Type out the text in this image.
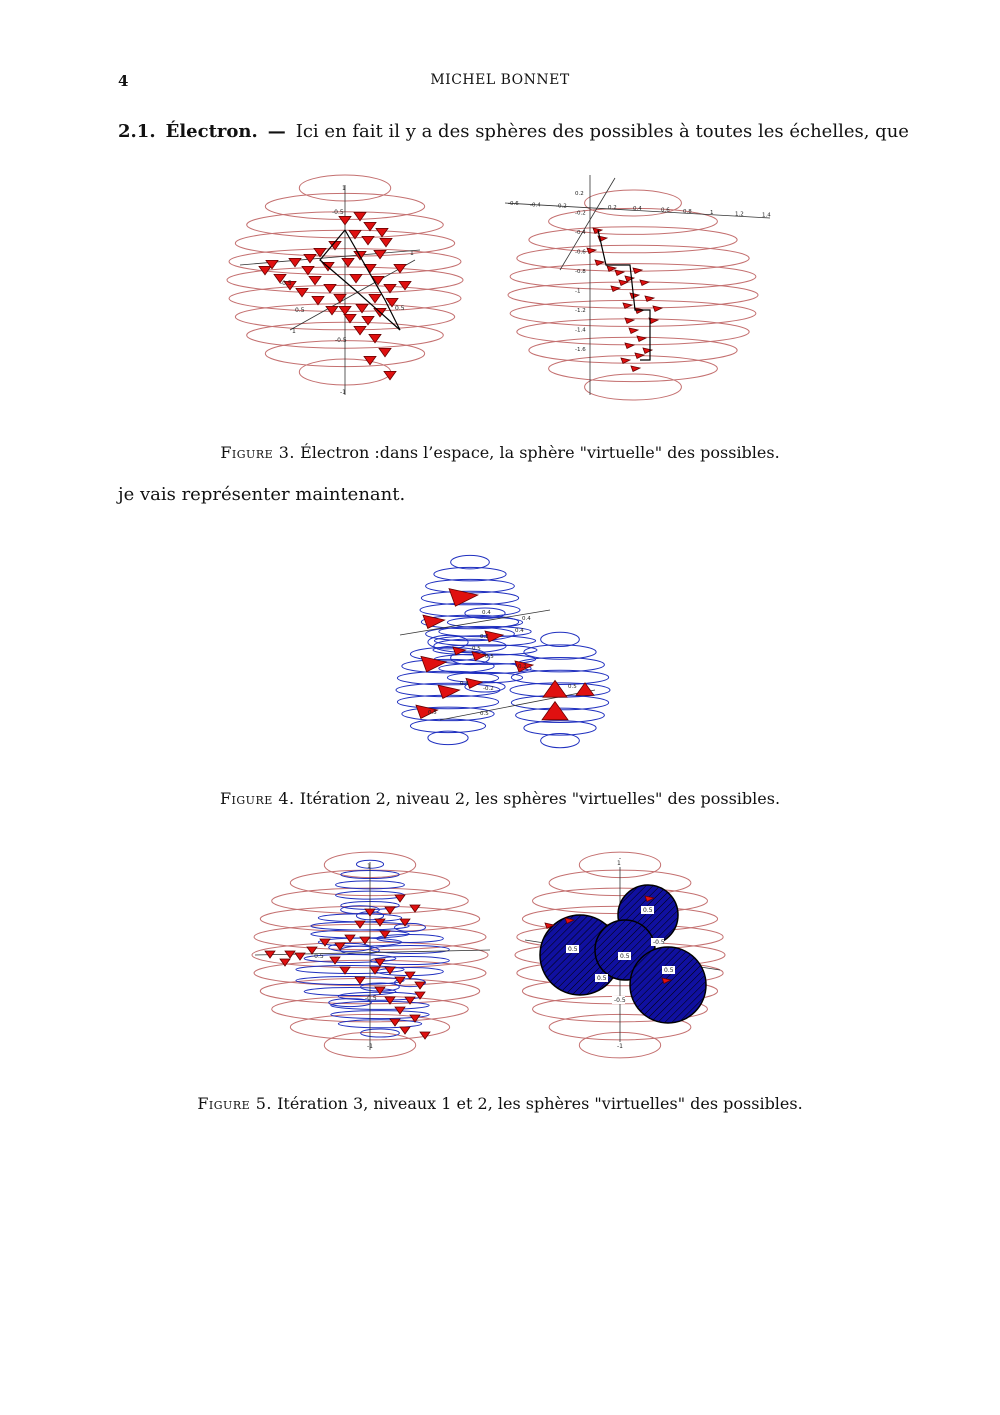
4	MICHEL BONNET
2.1. Électron. — Ici en fait il y a des sphères des possibles à toutes les échelles, que
1
-0.5
-0.5
0.5
1
0.5
-0.5
1
-1
-0.6 -0.4	-0.2	0.2	0.4	0.6 0.8	1	1.2	1.4
0.2
-0.2
-0.4
-0.6
-0.8
-1
-1.2
-1.4
-1.6
Figure 3. Électron :dans l’espace, la sphère "virtuelle" des possibles.
je vais représenter maintenant.
0.4
0.2
-0.5
0.4
0.4
0.5
-0.2
0.5	0.5
0.5
0.2
0.4
Figure 4. Itération 2, niveau 2, les sphères "virtuelles" des possibles.
1
-0.5
-0.5
-1
1
0.5
0.5
-0.5
0.5
0.5
0.5
-0.5
-1
Figure 5. Itération 3, niveaux 1 et 2, les sphères "virtuelles" des possibles.
